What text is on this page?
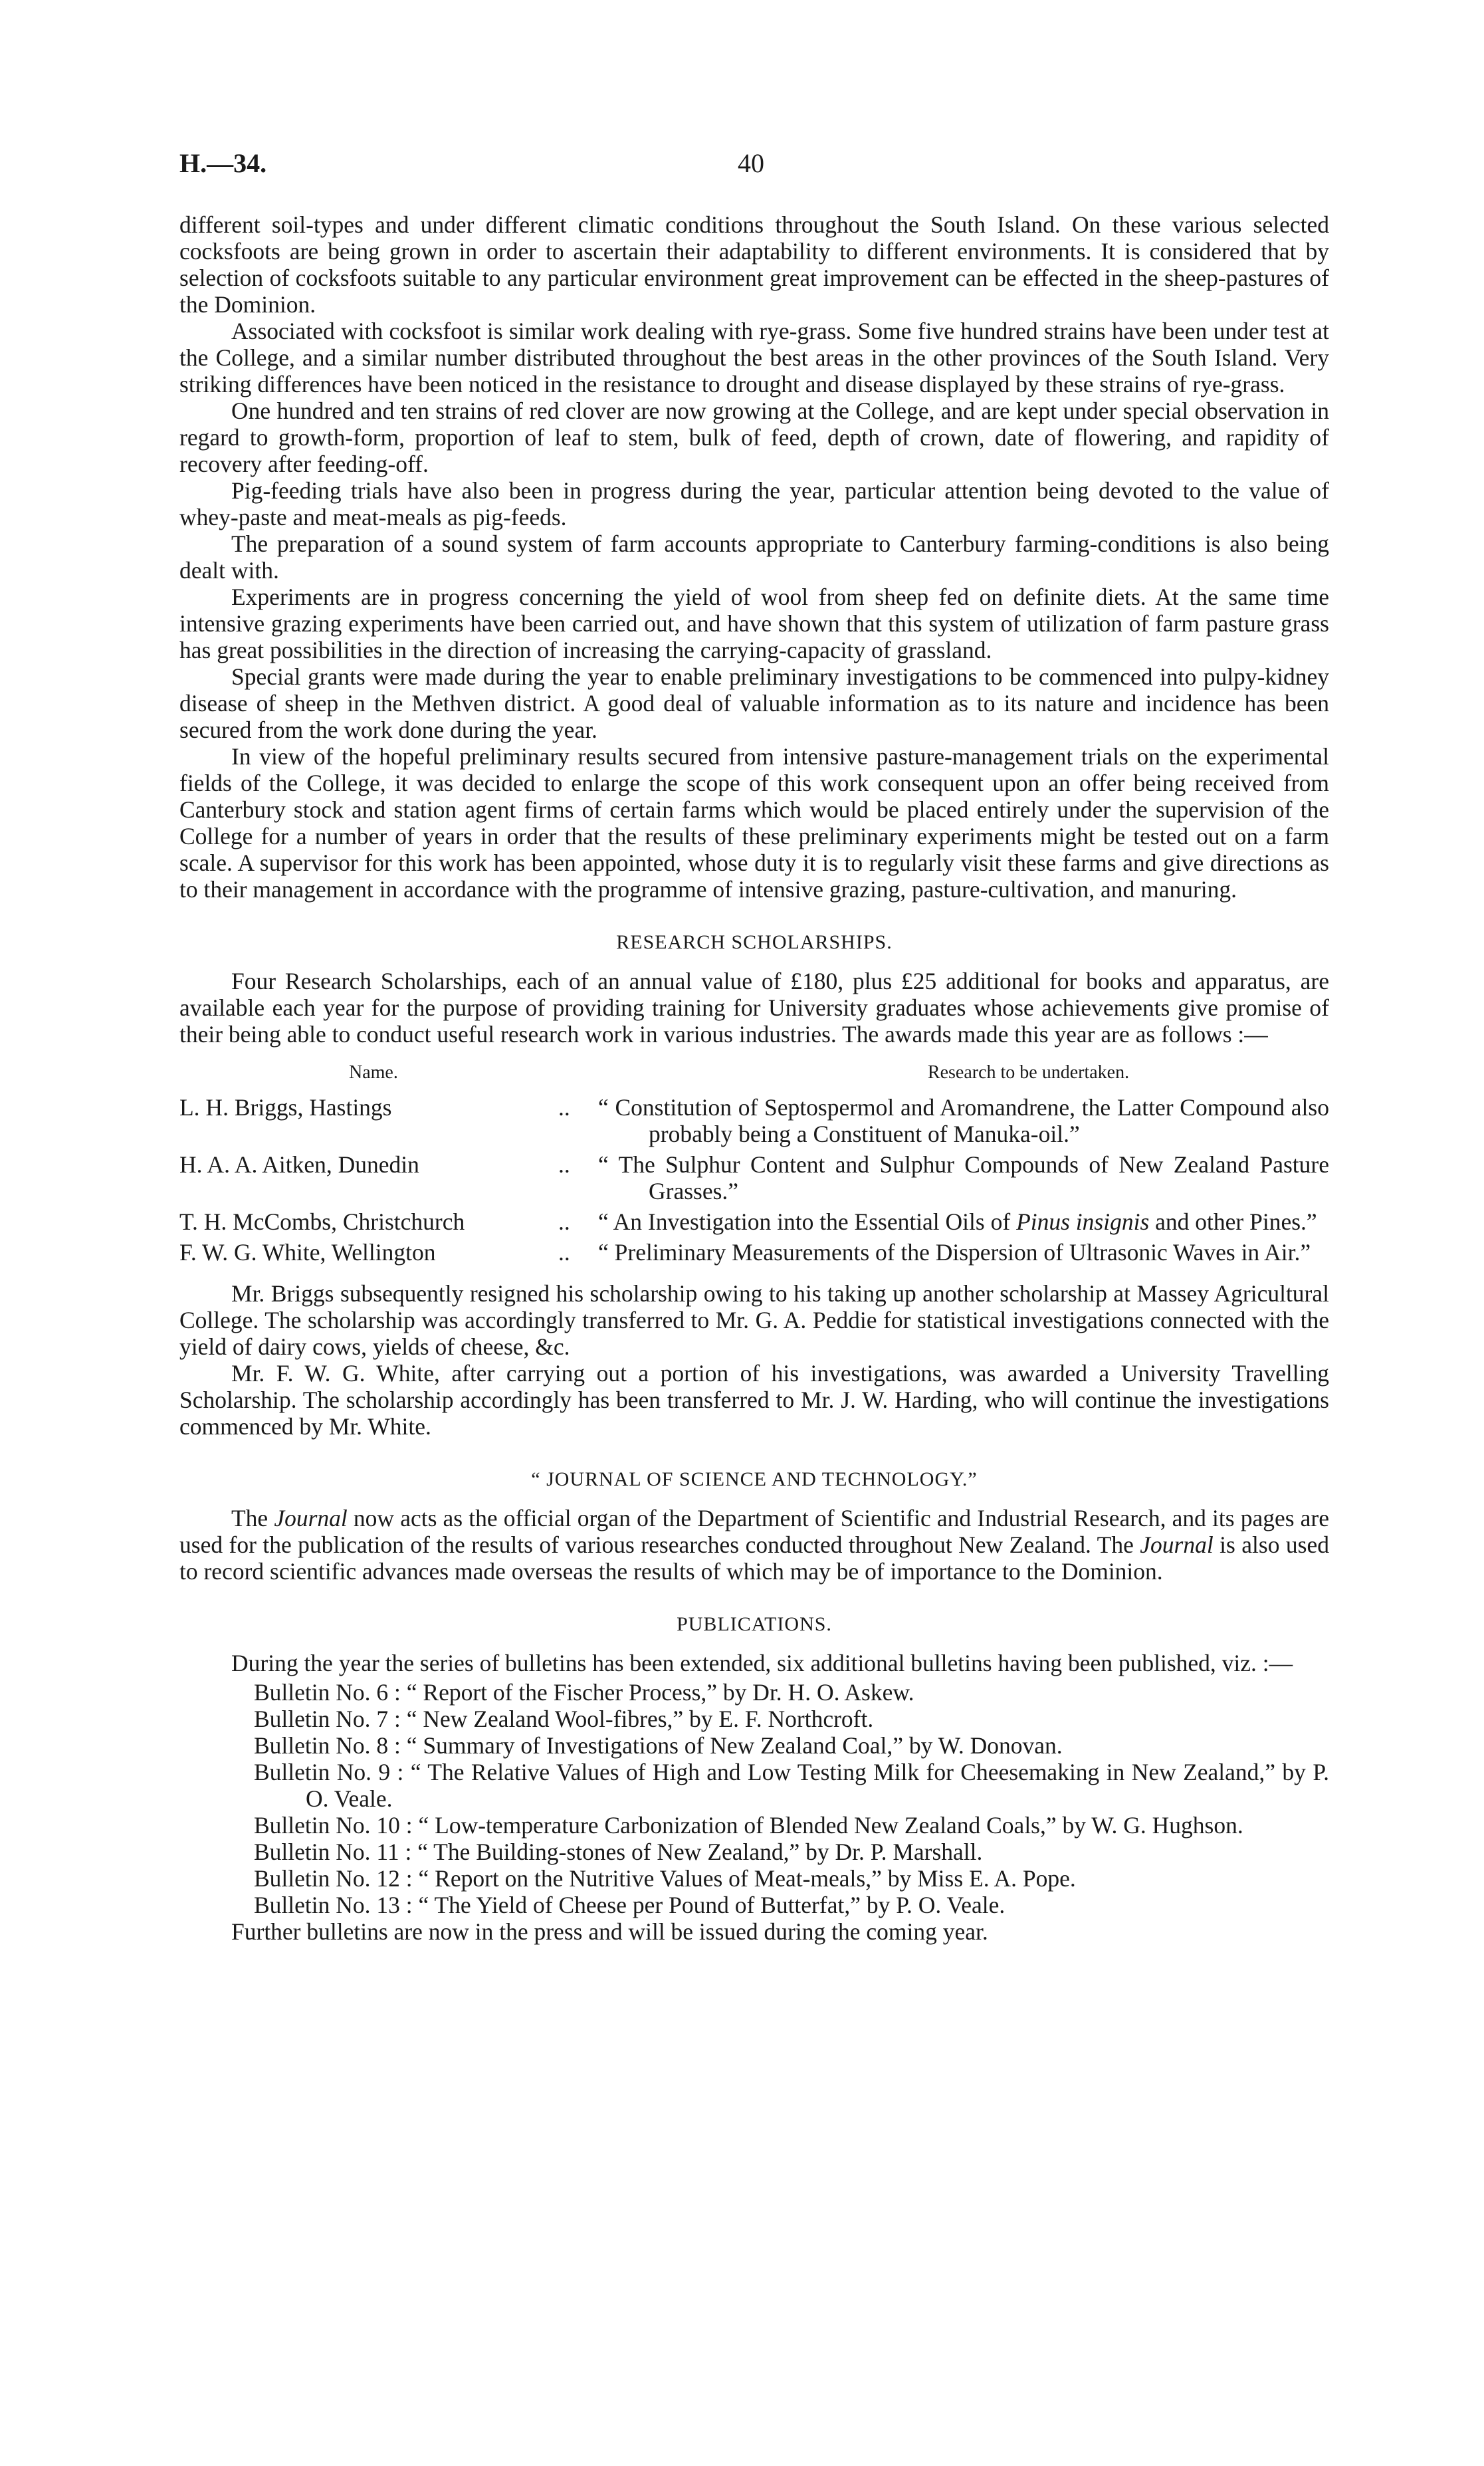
H.—34.	40

different soil-types and under different climatic conditions throughout the South Island. On these various selected cocksfoots are being grown in order to ascertain their adaptability to different environments. It is considered that by selection of cocksfoots suitable to any particular environment great improvement can be effected in the sheep-pastures of the Dominion.

Associated with cocksfoot is similar work dealing with rye-grass. Some five hundred strains have been under test at the College, and a similar number distributed throughout the best areas in the other provinces of the South Island. Very striking differences have been noticed in the resistance to drought and disease displayed by these strains of rye-grass.

One hundred and ten strains of red clover are now growing at the College, and are kept under special observation in regard to growth-form, proportion of leaf to stem, bulk of feed, depth of crown, date of flowering, and rapidity of recovery after feeding-off.

Pig-feeding trials have also been in progress during the year, particular attention being devoted to the value of whey-paste and meat-meals as pig-feeds.

The preparation of a sound system of farm accounts appropriate to Canterbury farming-conditions is also being dealt with.

Experiments are in progress concerning the yield of wool from sheep fed on definite diets. At the same time intensive grazing experiments have been carried out, and have shown that this system of utilization of farm pasture grass has great possibilities in the direction of increasing the carrying-capacity of grassland.

Special grants were made during the year to enable preliminary investigations to be commenced into pulpy-kidney disease of sheep in the Methven district. A good deal of valuable information as to its nature and incidence has been secured from the work done during the year.

In view of the hopeful preliminary results secured from intensive pasture-management trials on the experimental fields of the College, it was decided to enlarge the scope of this work consequent upon an offer being received from Canterbury stock and station agent firms of certain farms which would be placed entirely under the supervision of the College for a number of years in order that the results of these preliminary experiments might be tested out on a farm scale. A supervisor for this work has been appointed, whose duty it is to regularly visit these farms and give directions as to their management in accordance with the programme of intensive grazing, pasture-cultivation, and manuring.

RESEARCH SCHOLARSHIPS.

Four Research Scholarships, each of an annual value of £180, plus £25 additional for books and apparatus, are available each year for the purpose of providing training for University graduates whose achievements give promise of their being able to conduct useful research work in various industries. The awards made this year are as follows :—

Name.	Research to be undertaken.
L. H. Briggs, Hastings	..	“ Constitution of Septospermol and Aromandrene, the Latter Compound also probably being a Constituent of Manuka-oil.”
H. A. A. Aitken, Dunedin	..	“ The Sulphur Content and Sulphur Compounds of New Zealand Pasture Grasses.”
T. H. McCombs, Christchurch	..	“ An Investigation into the Essential Oils of Pinus insignis and other Pines.”
F. W. G. White, Wellington	..	“ Preliminary Measurements of the Dispersion of Ultrasonic Waves in Air.”

Mr. Briggs subsequently resigned his scholarship owing to his taking up another scholarship at Massey Agricultural College. The scholarship was accordingly transferred to Mr. G. A. Peddie for statistical investigations connected with the yield of dairy cows, yields of cheese, &c.

Mr. F. W. G. White, after carrying out a portion of his investigations, was awarded a University Travelling Scholarship. The scholarship accordingly has been transferred to Mr. J. W. Harding, who will continue the investigations commenced by Mr. White.

“ JOURNAL OF SCIENCE AND TECHNOLOGY.”

The Journal now acts as the official organ of the Department of Scientific and Industrial Research, and its pages are used for the publication of the results of various researches conducted throughout New Zealand. The Journal is also used to record scientific advances made overseas the results of which may be of importance to the Dominion.

PUBLICATIONS.

During the year the series of bulletins has been extended, six additional bulletins having been published, viz. :—

Bulletin No. 6 : “ Report of the Fischer Process,” by Dr. H. O. Askew.
Bulletin No. 7 : “ New Zealand Wool-fibres,” by E. F. Northcroft.
Bulletin No. 8 : “ Summary of Investigations of New Zealand Coal,” by W. Donovan.
Bulletin No. 9 : “ The Relative Values of High and Low Testing Milk for Cheesemaking in New Zealand,” by P. O. Veale.
Bulletin No. 10 : “ Low-temperature Carbonization of Blended New Zealand Coals,” by W. G. Hughson.
Bulletin No. 11 : “ The Building-stones of New Zealand,” by Dr. P. Marshall.
Bulletin No. 12 : “ Report on the Nutritive Values of Meat-meals,” by Miss E. A. Pope.
Bulletin No. 13 : “ The Yield of Cheese per Pound of Butterfat,” by P. O. Veale.

Further bulletins are now in the press and will be issued during the coming year.
